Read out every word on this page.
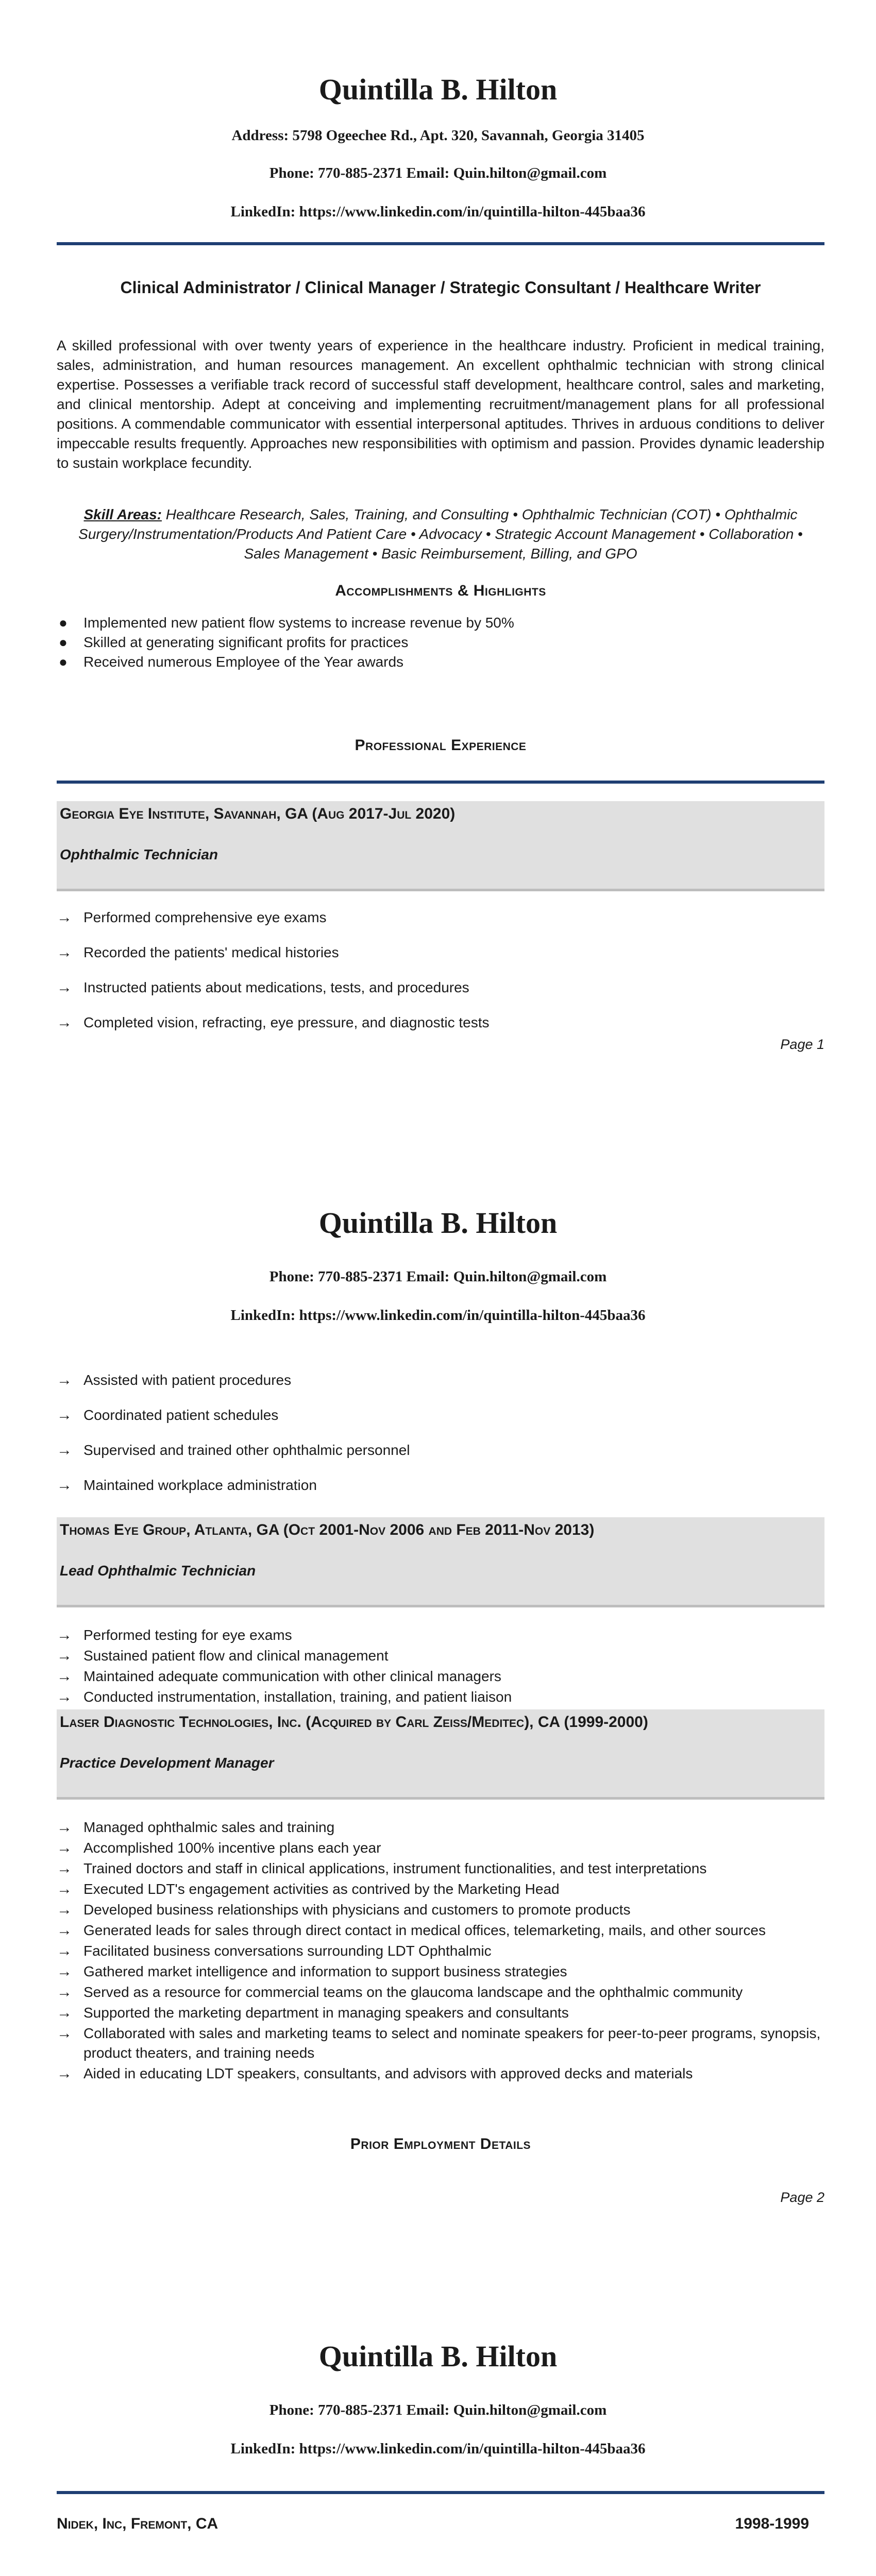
Quintilla B. Hilton
Address: 5798 Ogeechee Rd., Apt. 320, Savannah, Georgia 31405
Phone: 770-885-2371 Email: Quin.hilton@gmail.com
LinkedIn: https://www.linkedin.com/in/quintilla-hilton-445baa36
Clinical Administrator / Clinical Manager / Strategic Consultant / Healthcare Writer
A skilled professional with over twenty years of experience in the healthcare industry. Proficient in medical training, sales, administration, and human resources management. An excellent ophthalmic technician with strong clinical expertise. Possesses a verifiable track record of successful staff development, healthcare control, sales and marketing, and clinical mentorship. Adept at conceiving and implementing recruitment/management plans for all professional positions. A commendable communicator with essential interpersonal aptitudes. Thrives in arduous conditions to deliver impeccable results frequently. Approaches new responsibilities with optimism and passion. Provides dynamic leadership to sustain workplace fecundity.
Skill Areas: Healthcare Research, Sales, Training, and Consulting • Ophthalmic Technician (COT) • Ophthalmic Surgery/Instrumentation/Products And Patient Care • Advocacy • Strategic Account Management • Collaboration • Sales Management • Basic Reimbursement, Billing, and GPO
Accomplishments & Highlights
● Implemented new patient flow systems to increase revenue by 50%
● Skilled at generating significant profits for practices
● Received numerous Employee of the Year awards
Professional Experience
Georgia Eye Institute, Savannah, GA (Aug 2017-Jul 2020)
Ophthalmic Technician
→ Performed comprehensive eye exams
→ Recorded the patients' medical histories
→ Instructed patients about medications, tests, and procedures
→ Completed vision, refracting, eye pressure, and diagnostic tests
Page 1
Quintilla B. Hilton
Phone: 770-885-2371 Email: Quin.hilton@gmail.com
LinkedIn: https://www.linkedin.com/in/quintilla-hilton-445baa36
→ Assisted with patient procedures
→ Coordinated patient schedules
→ Supervised and trained other ophthalmic personnel
→ Maintained workplace administration
Thomas Eye Group, Atlanta, GA (Oct 2001-Nov 2006 and Feb 2011-Nov 2013)
Lead Ophthalmic Technician
→ Performed testing for eye exams
→ Sustained patient flow and clinical management
→ Maintained adequate communication with other clinical managers
→ Conducted instrumentation, installation, training, and patient liaison
Laser Diagnostic Technologies, Inc. (Acquired by Carl Zeiss/Meditec), CA (1999-2000)
Practice Development Manager
→ Managed ophthalmic sales and training
→ Accomplished 100% incentive plans each year
→ Trained doctors and staff in clinical applications, instrument functionalities, and test interpretations
→ Executed LDT's engagement activities as contrived by the Marketing Head
→ Developed business relationships with physicians and customers to promote products
→ Generated leads for sales through direct contact in medical offices, telemarketing, mails, and other sources
→ Facilitated business conversations surrounding LDT Ophthalmic
→ Gathered market intelligence and information to support business strategies
→ Served as a resource for commercial teams on the glaucoma landscape and the ophthalmic community
→ Supported the marketing department in managing speakers and consultants
→ Collaborated with sales and marketing teams to select and nominate speakers for peer-to-peer programs, synopsis, product theaters, and training needs
→ Aided in educating LDT speakers, consultants, and advisors with approved decks and materials
Prior Employment Details
Page 2
Quintilla B. Hilton
Phone: 770-885-2371 Email: Quin.hilton@gmail.com
LinkedIn: https://www.linkedin.com/in/quintilla-hilton-445baa36
Nidek, Inc, Fremont, CA	1998-1999
